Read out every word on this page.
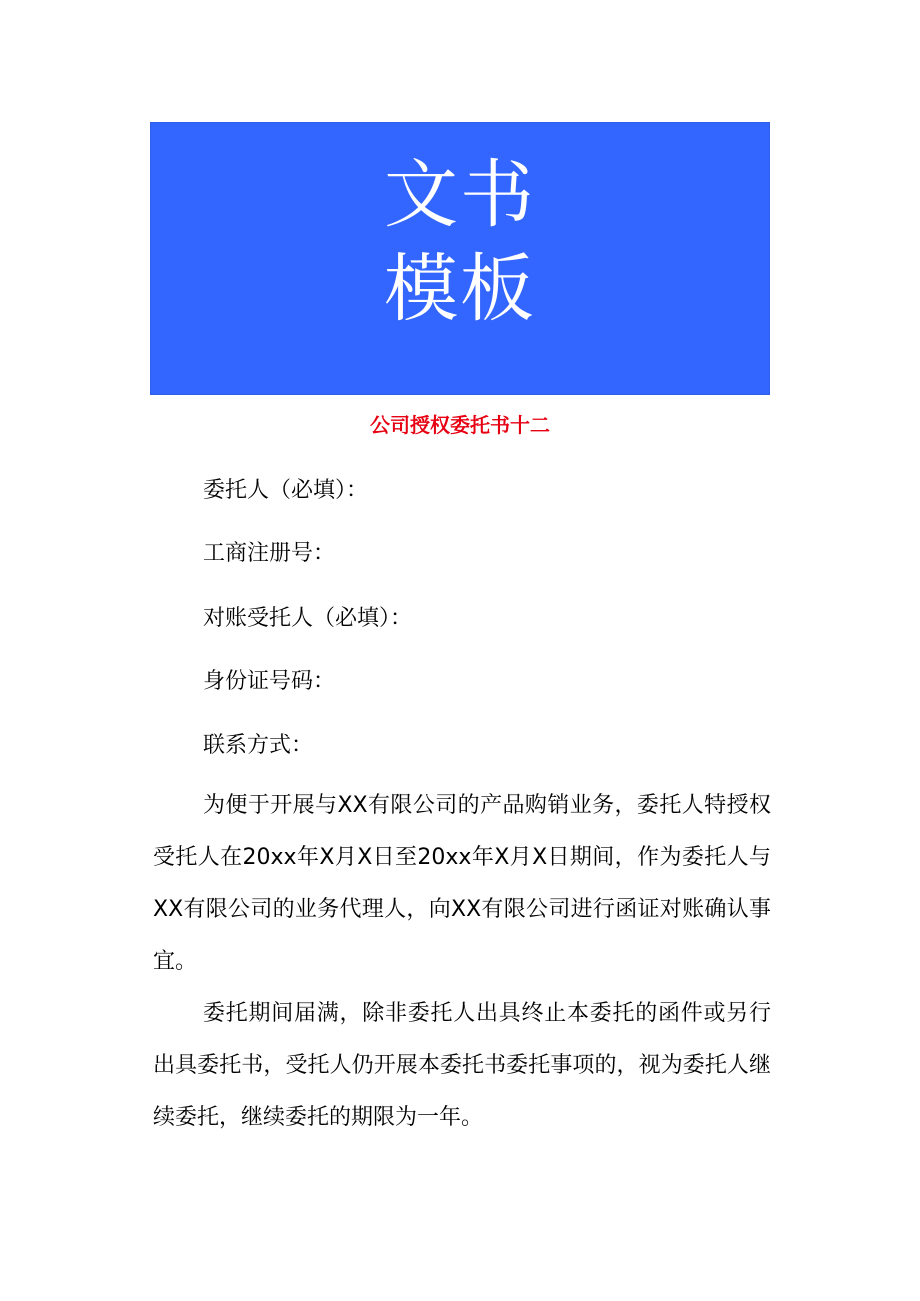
文书
模板
公司授权委托书十二
委托人（必填）：
工商注册号：
对账受托人（必填）：
身份证号码：
联系方式：

为便于开展与XX有限公司的产品购销业务，委托人特授权受托人在20xx年X月X日至20xx年X月X日期间，作为委托人与XX有限公司的业务代理人，向XX有限公司进行函证对账确认事宜。

委托期间届满，除非委托人出具终止本委托的函件或另行出具委托书，受托人仍开展本委托书委托事项的，视为委托人继续委托，继续委托的期限为一年。
